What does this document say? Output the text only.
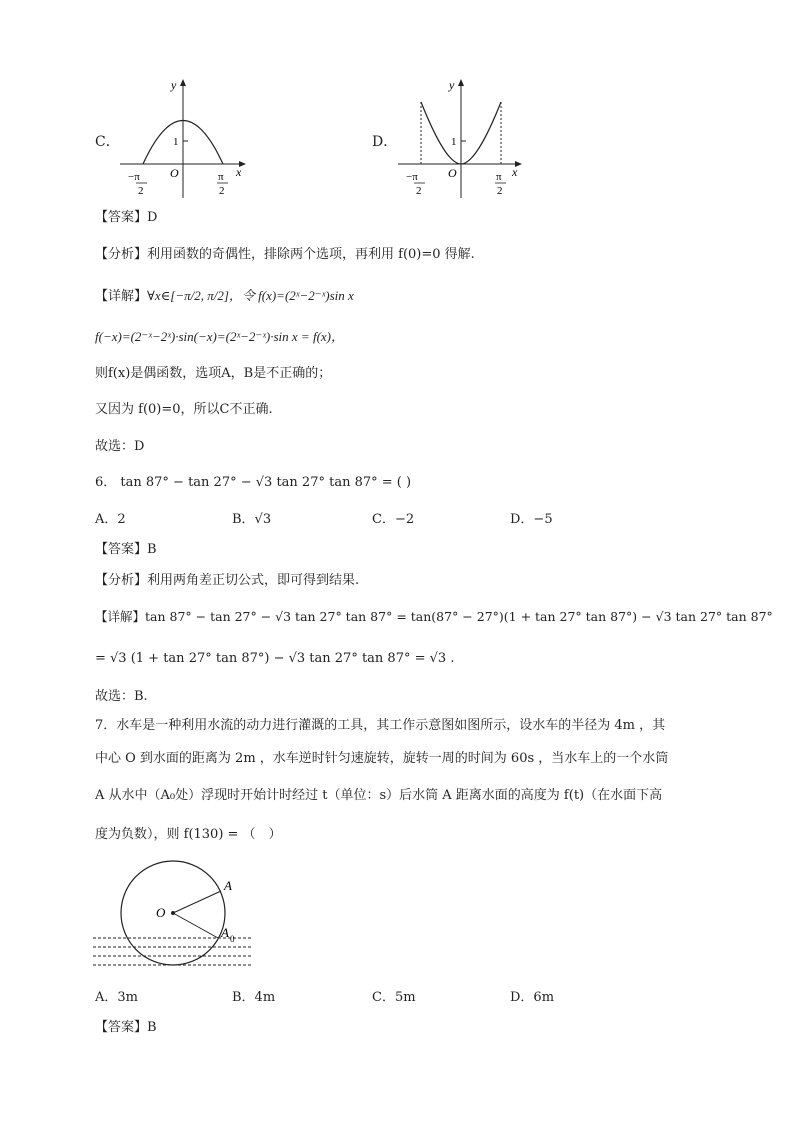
C．
y
1
O	x
−π
2
π
2
D．
y
1
O	x
−π
2
π
2
【答案】D
【分析】利用函数的奇偶性，排除两个选项，再利用 f(0)=0 得解.
【详解】∀x∈[−π/2, π/2]，令 f(x)=(2ˣ−2⁻ˣ)sin x
f(−x)=(2⁻ˣ−2ˣ)·sin(−x)=(2ˣ−2⁻ˣ)·sin x = f(x)，
则f(x)是偶函数，选项A，B是不正确的；
又因为 f(0)=0，所以C不正确.
故选：D
6． tan 87° − tan 27° − √3 tan 27° tan 87° = ( )
A．2	B．√3	C．−2	D．−5
【答案】B
【分析】利用两角差正切公式，即可得到结果.
【详解】tan 87° − tan 27° − √3 tan 27° tan 87° = tan(87° − 27°)(1 + tan 27° tan 87°) − √3 tan 27° tan 87°
= √3 (1 + tan 27° tan 87°) − √3 tan 27° tan 87° = √3 .
故选：B.
7．水车是一种利用水流的动力进行灌溉的工具，其工作示意图如图所示，设水车的半径为 4m ，其
中心 O 到水面的距离为 2m ，水车逆时针匀速旋转，旋转一周的时间为 60s ，当水车上的一个水筒
A 从水中（A₀处）浮现时开始计时经过 t（单位：s）后水筒 A 距离水面的高度为 f(t)（在水面下高
度为负数），则 f(130) = （　）
A
O
A 0
A．3m	B．4m	C．5m	D．6m
【答案】B
